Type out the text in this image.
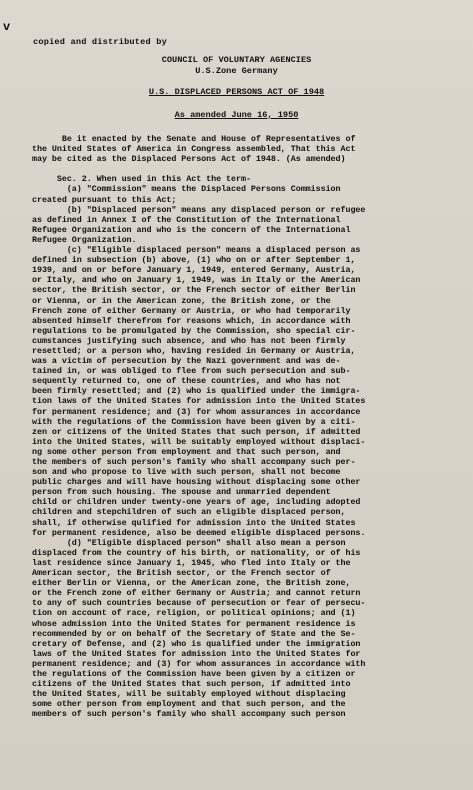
v
copied and distributed by
COUNCIL OF VOLUNTARY AGENCIES
U.S.Zone Germany
U.S. DISPLACED PERSONS ACT OF 1948
As amended June 16, 1950
Be it enacted by the Senate and House of Representatives of
the United States of America in Congress assembled, That this Act
may be cited as the Displaced Persons Act of 1948. (As amended)
Sec. 2. When used in this Act the term-
(a) "Commission" means the Displaced Persons Commission
created pursuant to this Act;
(b) "Displaced person" means any displaced person or refugee
as defined in Annex I of the Constitution of the International
Refugee Organization and who is the concern of the International
Refugee Organization.
(c) "Eligible displaced person" means a displaced person as
defined in subsection (b) above, (1) who on or after September 1,
1939, and on or before January 1, 1949, entered Germany, Austria,
or Italy, and who on January 1, 1949, was in Italy or the American
sector, the British sector, or the French sector of either Berlin
or Vienna, or in the American zone, the British zone, or the
French zone of either Germany or Austria, or who had temporarily
absented himself therefrom for reasons which, in accordance with
regulations to be promulgated by the Commission, sho special cir-
cumstances justifying such absence, and who has not been firmly
resettled; or a person who, having resided in Germany or Austria,
was a victim of persecution by the Nazi government and was de-
tained in, or was obliged to flee from such persecution and sub-
sequently returned to, one of these countries, and who has not
been firmly resettled; and (2) who is qualified under the immigra-
tion laws of the United States for admission into the United States
for permanent residence; and (3) for whom assurances in accordance
with the regulations of the Commission have been given by a citi-
zen or citizens of the United States that such person, if admitted
into the United States, will be suitably employed without displaci-
ng some other person from employment and that such person, and
the members of such person's family who shall accompany such per-
son and who propose to live with such person, shall not become
public charges and will have housing without displacing some other
person from such housing. The spouse and unmarried dependent
child or children under twenty-one years of age, including adopted
children and stepchildren of such an eligible displaced person,
shall, if otherwise qulified for admission into the United States
for permanent residence, also be deemed eligible displaced persons.
(d) "Eligible displaced person" shall also mean a person
displaced from the country of his birth, or nationality, or of his
last residence since January 1, 1945, who fled into Italy or the
American sector, the British sector, or the French sector of
either Berlin or Vienna, or the American zone, the British zone,
or the French zone of either Germany or Austria; and cannot return
to any of such countries because of persecution or fear of persecu-
tion on account of race, religion, or political opinions; and (1)
whose admission into the United States for permanent residence is
recommended by or on behalf of the Secretary of State and the Se-
cretary of Defense, and (2) who is qualified under the immigration
laws of the United States for admission into the United States for
permanent residence; and (3) for whom assurances in accordance with
the regulations of the Commission have been given by a citizen or
citizens of the United States that such person, if admitted into
the United States, will be suitably employed without displacing
some other person from employment and that such person, and the
members of such person's family who shall accompany such person
